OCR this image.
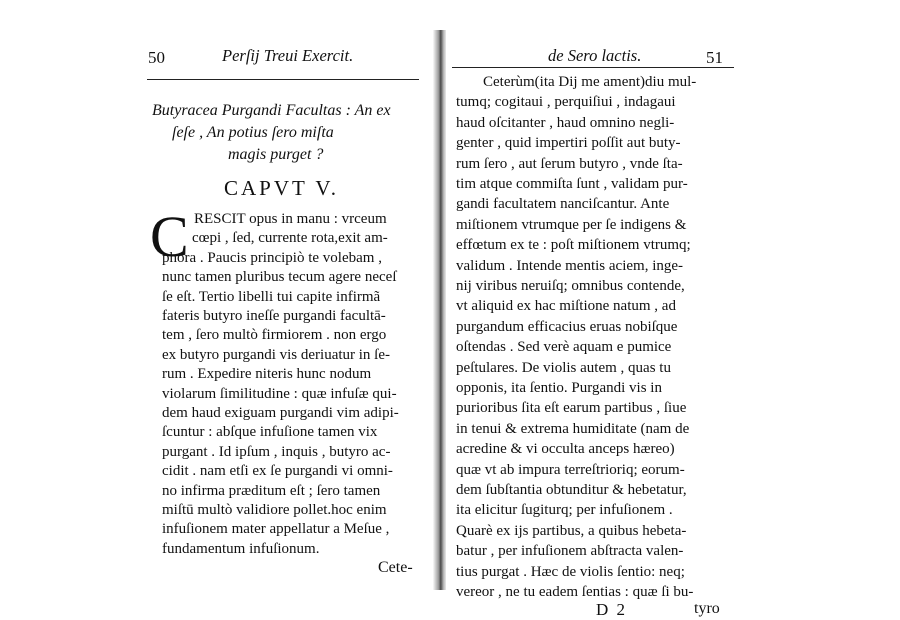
50	Perſij Treui Exercit.
Butyracea Purgandi Facultas : An ex
ſeſe , An potius ſero miſta
magis purget ?
CAPVT V.
C RESCIT opus in manu : vrceum
cœpi , ſed, currente rota,exit am-
phora . Paucis principiò te volebam ,
nunc tamen pluribus tecum agere neceſ
ſe eſt. Tertio libelli tui capite infirmã
fateris butyro ineſſe purgandi facultā-
tem , ſero multò firmiorem . non ergo
ex butyro purgandi vis deriuatur in ſe-
rum . Expedire niteris hunc nodum
violarum ſimilitudine : quæ infuſæ qui-
dem haud exiguam purgandi vim adipi-
ſcuntur : abſque infuſione tamen vix
purgant . Id ipſum , inquis , butyro ac-
cidit . nam etſi ex ſe purgandi vi omni-
no infirma præditum eſt ; ſero tamen
miſtū multò validiore pollet.hoc enim
infuſionem mater appellatur a Meſue ,
fundamentum infuſionum.
Cete-
de Sero lactis.	51
Ceterùm(ita Dij me ament)diu mul-
tumq; cogitaui , perquiſiui , indagaui
haud oſcitanter , haud omnino negli-
genter , quid impertiri poſſit aut buty-
rum ſero , aut ſerum butyro , vnde ſta-
tim atque commiſta ſunt , validam pur-
gandi facultatem nanciſcantur. Ante
miſtionem vtrumque per ſe indigens &
effœtum ex te : poſt miſtionem vtrumq;
validum . Intende mentis aciem, inge-
nij viribus neruiſq; omnibus contende,
vt aliquid ex hac miſtione natum , ad
purgandum efficacius eruas nobiſque
oſtendas . Sed verè aquam e pumice
peſtulares. De violis autem , quas tu
opponis, ita ſentio. Purgandi vis in
purioribus ſita eſt earum partibus , ſiue
in tenui & extrema humiditate (nam de
acredine & vi occulta anceps hæreo)
quæ vt ab impura terreſtrioriq; eorum-
dem ſubſtantia obtunditur & hebetatur,
ita elicitur ſugiturq; per infuſionem .
Quarè ex ijs partibus, a quibus hebeta-
batur , per infuſionem abſtracta valen-
tius purgat . Hæc de violis ſentio: neq;
vereor , ne tu eadem ſentias : quæ ſi bu-
D 2	tyro
